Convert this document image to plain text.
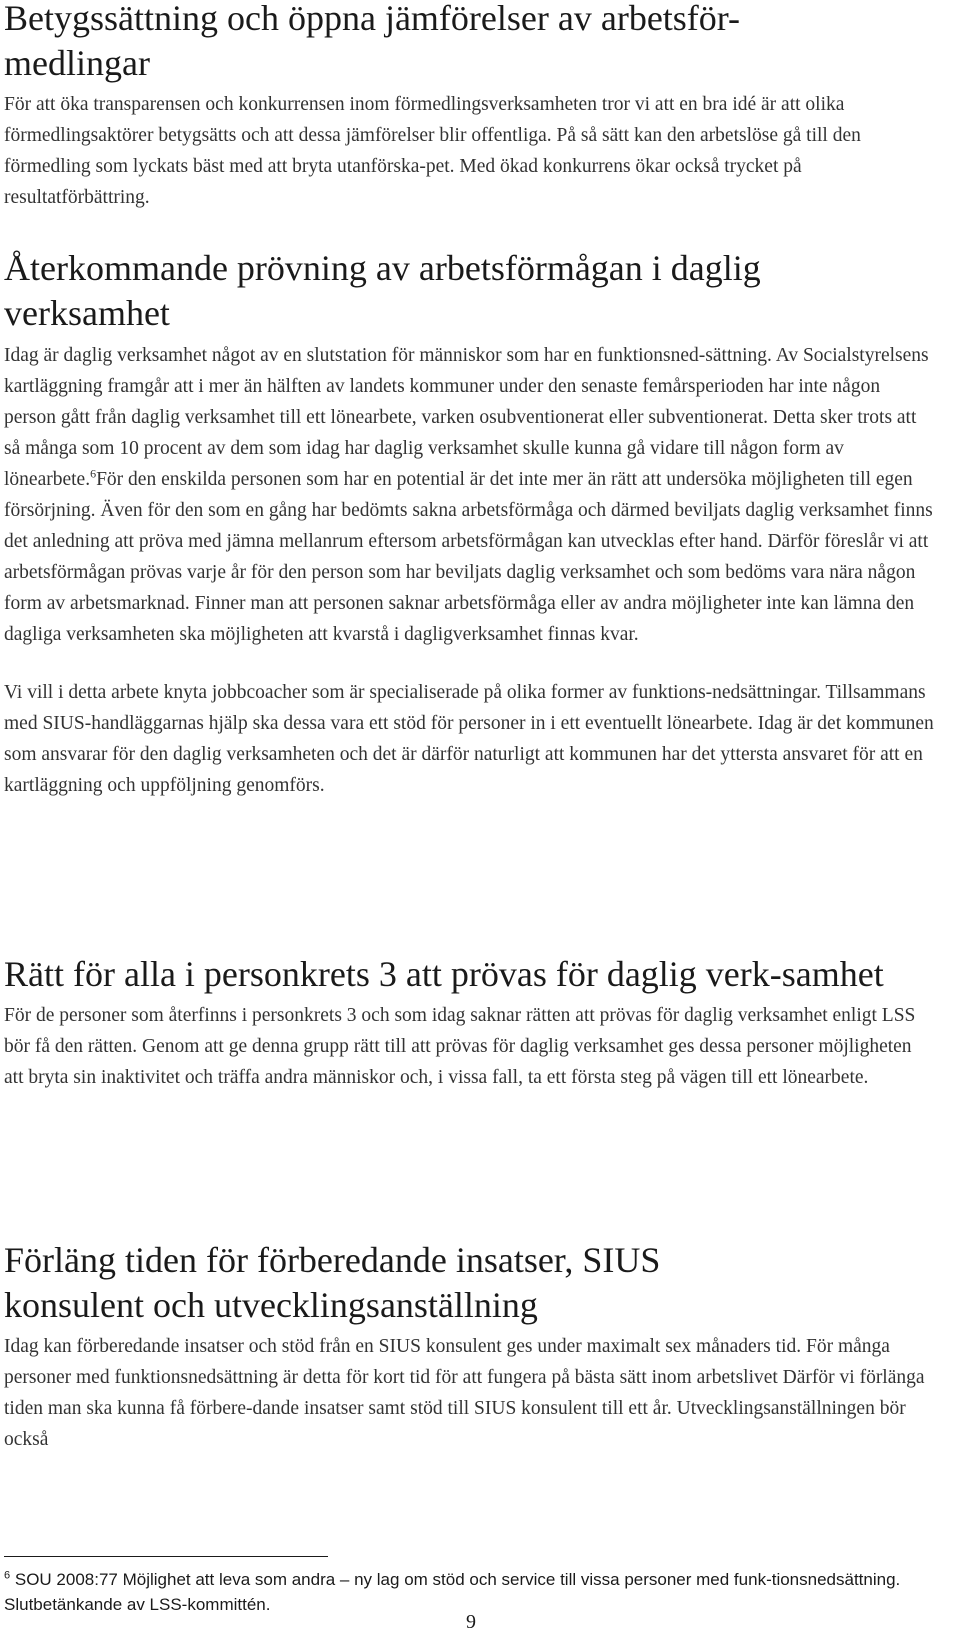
Betygssättning och öppna jämförelser av arbetsför-medlingar

För att öka transparensen och konkurrensen inom förmedlingsverksamheten tror vi att en bra idé är att olika förmedlingsaktörer betygsätts och att dessa jämförelser blir offentliga. På så sätt kan den arbetslöse gå till den förmedling som lyckats bäst med att bryta utanförska-pet. Med ökad konkurrens ökar också trycket på resultatförbättring.

Återkommande prövning av arbetsförmågan i daglig verksamhet

Idag är daglig verksamhet något av en slutstation för människor som har en funktionsned-sättning. Av Socialstyrelsens kartläggning framgår att i mer än hälften av landets kommuner under den senaste femårsperioden har inte någon person gått från daglig verksamhet till ett lönearbete, varken osubventionerat eller subventionerat. Detta sker trots att så många som 10 procent av dem som idag har daglig verksamhet skulle kunna gå vidare till någon form av lönearbete.$^6$För den enskilda personen som har en potential är det inte mer än rätt att undersöka möjligheten till egen försörjning. Även för den som en gång har bedömts sakna arbetsförmåga och därmed beviljats daglig verksamhet finns det anledning att pröva med jämna mellanrum eftersom arbetsförmågan kan utvecklas efter hand. Därför föreslår vi att arbetsförmågan prövas varje år för den person som har beviljats daglig verksamhet och som bedöms vara nära någon form av arbetsmarknad. Finner man att personen saknar arbetsförmåga eller av andra möjligheter inte kan lämna den dagliga verksamheten ska möjligheten att kvarstå i dagligverksamhet finnas kvar.

Vi vill i detta arbete knyta jobbcoacher som är specialiserade på olika former av funktions-nedsättningar. Tillsammans med SIUS-handläggarnas hjälp ska dessa vara ett stöd för personer in i ett eventuellt lönearbete. Idag är det kommunen som ansvarar för den daglig verksamheten och det är därför naturligt att kommunen har det yttersta ansvaret för att en kartläggning och uppföljning genomförs.

Rätt för alla i personkrets 3 att prövas för daglig verk-samhet

För de personer som återfinns i personkrets 3 och som idag saknar rätten att prövas för daglig verksamhet enligt LSS bör få den rätten. Genom att ge denna grupp rätt till att prövas för daglig verksamhet ges dessa personer möjligheten att bryta sin inaktivitet och träffa andra människor och, i vissa fall, ta ett första steg på vägen till ett lönearbete.

Förläng tiden för förberedande insatser, SIUS konsulent och utvecklingsanställning

Idag kan förberedande insatser och stöd från en SIUS konsulent ges under maximalt sex månaders tid. För många personer med funktionsnedsättning är detta för kort tid för att fungera på bästa sätt inom arbetslivet Därför vi förlänga tiden man ska kunna få förbere-dande insatser samt stöd till SIUS konsulent till ett år. Utvecklingsanställningen bör också

$^6$ SOU 2008:77 Möjlighet att leva som andra – ny lag om stöd och service till vissa personer med funk-tionsnedsättning. Slutbetänkande av LSS-kommittén.
9
